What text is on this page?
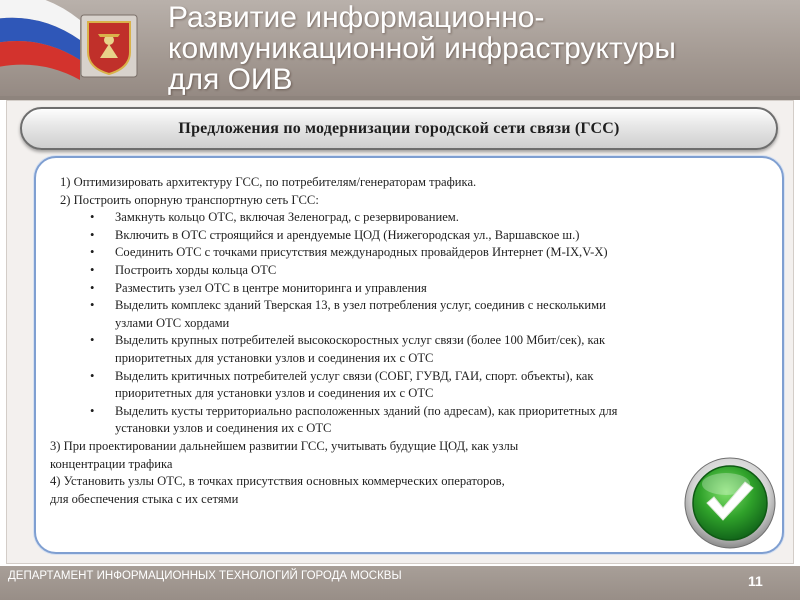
Развитие информационно-
коммуникационной инфраструктуры
для ОИВ
Предложения по модернизации городской сети связи (ГСС)
1) Оптимизировать архитектуру ГСС, по потребителям/генераторам трафика.
2) Построить опорную транспортную сеть ГСС:
•	Замкнуть кольцо ОТС, включая Зеленоград, с резервированием.
•	Включить в ОТС строящийся и арендуемые ЦОД (Нижегородская ул., Варшавское ш.)
•	Соединить ОТС с точками присутствия международных провайдеров Интернет (M-IX,V-X)
•	Построить хорды кольца ОТС
•	Разместить узел ОТС в центре мониторинга и управления
•	Выделить комплекс зданий Тверская 13, в узел потребления услуг, соединив с несколькими
узлами ОТС хордами
•	Выделить крупных потребителей высокоскоростных услуг связи (более 100 Мбит/сек), как
приоритетных для установки узлов и соединения их с ОТС
•	Выделить критичных потребителей услуг связи (СОБГ, ГУВД, ГАИ, спорт. объекты), как
приоритетных для установки узлов и соединения их с ОТС
•	Выделить кусты территориально расположенных зданий (по адресам), как приоритетных для
установки узлов и соединения их с ОТС
3) При проектировании дальнейшем развитии ГСС, учитывать будущие ЦОД, как узлы
концентрации трафика
4) Установить узлы ОТС, в точках присутствия основных коммерческих операторов,
для обеспечения стыка с их сетями
ДЕПАРТАМЕНТ ИНФОРМАЦИОННЫХ ТЕХНОЛОГИЙ ГОРОДА МОСКВЫ	11
